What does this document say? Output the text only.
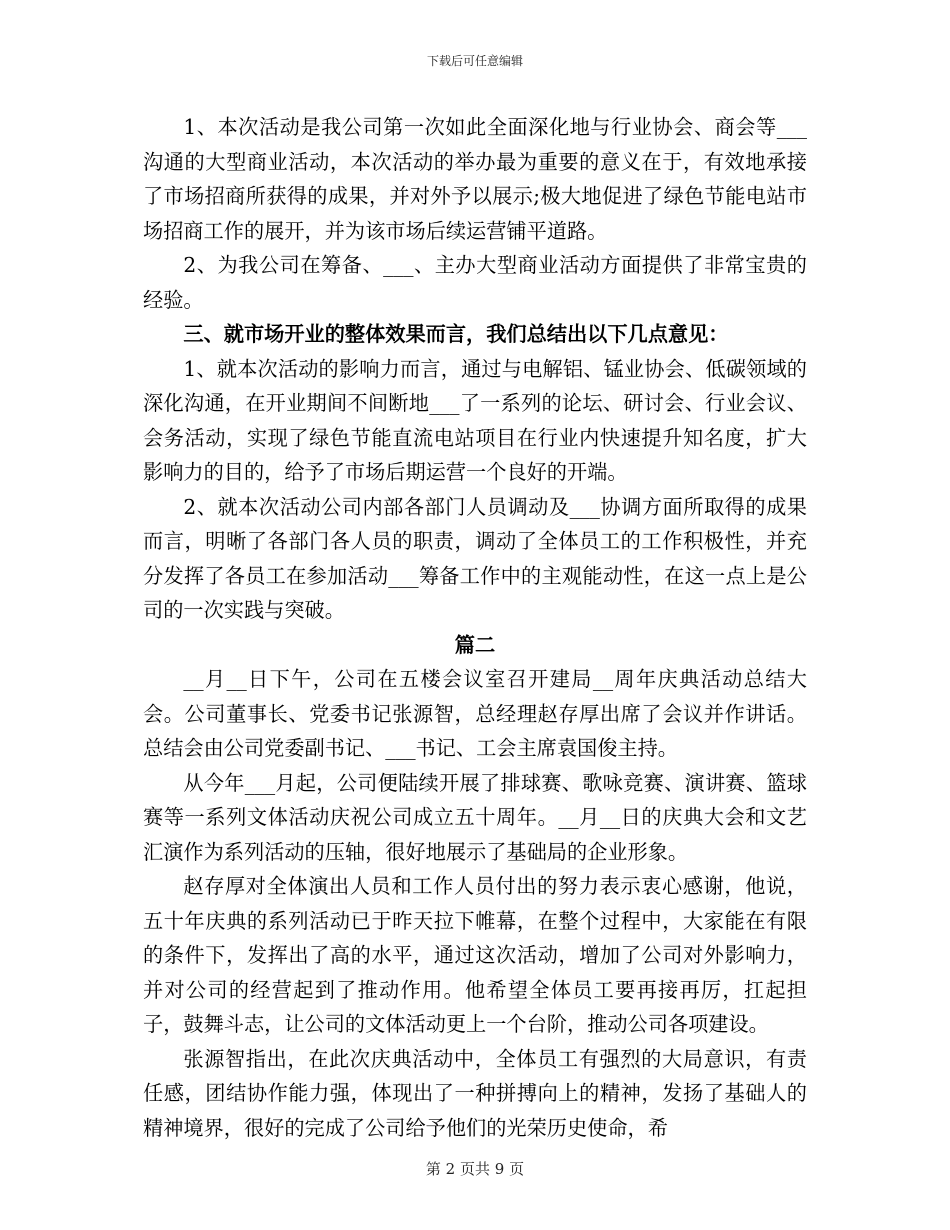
下载后可任意编辑

1、本次活动是我公司第一次如此全面深化地与行业协会、商会等___沟通的大型商业活动，本次活动的举办最为重要的意义在于，有效地承接了市场招商所获得的成果，并对外予以展示;极大地促进了绿色节能电站市场招商工作的展开，并为该市场后续运营铺平道路。

2、为我公司在筹备、___、主办大型商业活动方面提供了非常宝贵的经验。

三、就市场开业的整体效果而言，我们总结出以下几点意见：

1、就本次活动的影响力而言，通过与电解铝、锰业协会、低碳领域的深化沟通，在开业期间不间断地___了一系列的论坛、研讨会、行业会议、会务活动，实现了绿色节能直流电站项目在行业内快速提升知名度，扩大影响力的目的，给予了市场后期运营一个良好的开端。

2、就本次活动公司内部各部门人员调动及___协调方面所取得的成果而言，明晰了各部门各人员的职责，调动了全体员工的工作积极性，并充分发挥了各员工在参加活动___筹备工作中的主观能动性，在这一点上是公司的一次实践与突破。

篇二

__月__日下午，公司在五楼会议室召开建局__周年庆典活动总结大会。公司董事长、党委书记张源智，总经理赵存厚出席了会议并作讲话。总结会由公司党委副书记、___书记、工会主席袁国俊主持。

从今年___月起，公司便陆续开展了排球赛、歌咏竞赛、演讲赛、篮球赛等一系列文体活动庆祝公司成立五十周年。__月__日的庆典大会和文艺汇演作为系列活动的压轴，很好地展示了基础局的企业形象。

赵存厚对全体演出人员和工作人员付出的努力表示衷心感谢，他说，五十年庆典的系列活动已于昨天拉下帷幕，在整个过程中，大家能在有限的条件下，发挥出了高的水平，通过这次活动，增加了公司对外影响力，并对公司的经营起到了推动作用。他希望全体员工要再接再厉，扛起担子，鼓舞斗志，让公司的文体活动更上一个台阶，推动公司各项建设。

张源智指出，在此次庆典活动中，全体员工有强烈的大局意识，有责任感，团结协作能力强，体现出了一种拼搏向上的精神，发扬了基础人的精神境界，很好的完成了公司给予他们的光荣历史使命，希

第 2 页共 9 页
